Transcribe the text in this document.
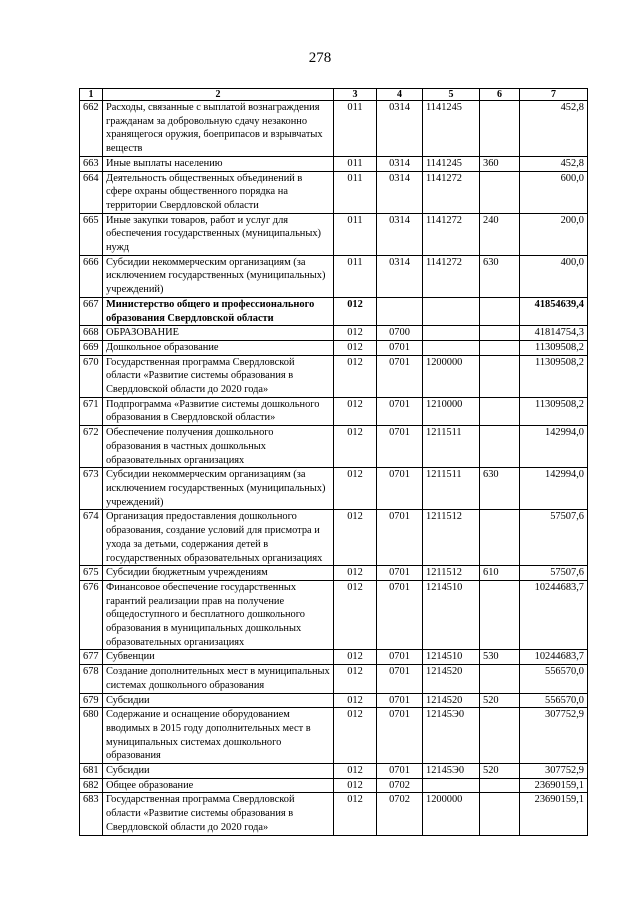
278
1	2	3	4	5	6	7
662	Расходы, связанные с выплатой вознаграждения гражданам за добровольную сдачу незаконно хранящегося оружия, боеприпасов и взрывчатых веществ	011	0314	1141245		452,8
663	Иные выплаты населению	011	0314	1141245	360	452,8
664	Деятельность общественных объединений в сфере охраны общественного порядка на территории Свердловской области	011	0314	1141272		600,0
665	Иные закупки товаров, работ и услуг для обеспечения государственных (муниципальных) нужд	011	0314	1141272	240	200,0
666	Субсидии некоммерческим организациям (за исключением государственных (муниципальных) учреждений)	011	0314	1141272	630	400,0
667	Министерство общего и профессионального образования Свердловской области	012				41854639,4
668	ОБРАЗОВАНИЕ	012	0700			41814754,3
669	Дошкольное образование	012	0701			11309508,2
670	Государственная программа Свердловской области «Развитие системы образования в Свердловской области до 2020 года»	012	0701	1200000		11309508,2
671	Подпрограмма «Развитие системы дошкольного образования в Свердловской области»	012	0701	1210000		11309508,2
672	Обеспечение получения дошкольного образования в частных дошкольных образовательных организациях	012	0701	1211511		142994,0
673	Субсидии некоммерческим организациям (за исключением государственных (муниципальных) учреждений)	012	0701	1211511	630	142994,0
674	Организация предоставления дошкольного образования, создание условий для присмотра и ухода за детьми, содержания детей в государственных образовательных организациях	012	0701	1211512		57507,6
675	Субсидии бюджетным учреждениям	012	0701	1211512	610	57507,6
676	Финансовое обеспечение государственных гарантий реализации прав на получение общедоступного и бесплатного дошкольного образования в муниципальных дошкольных образовательных организациях	012	0701	1214510		10244683,7
677	Субвенции	012	0701	1214510	530	10244683,7
678	Создание дополнительных мест в муниципальных системах дошкольного образования	012	0701	1214520		556570,0
679	Субсидии	012	0701	1214520	520	556570,0
680	Содержание и оснащение оборудованием вводимых в 2015 году дополнительных мест в муниципальных системах дошкольного образования	012	0701	12145Э0		307752,9
681	Субсидии	012	0701	12145Э0	520	307752,9
682	Общее образование	012	0702			23690159,1
683	Государственная программа Свердловской области «Развитие системы образования в Свердловской области до 2020 года»	012	0702	1200000		23690159,1
